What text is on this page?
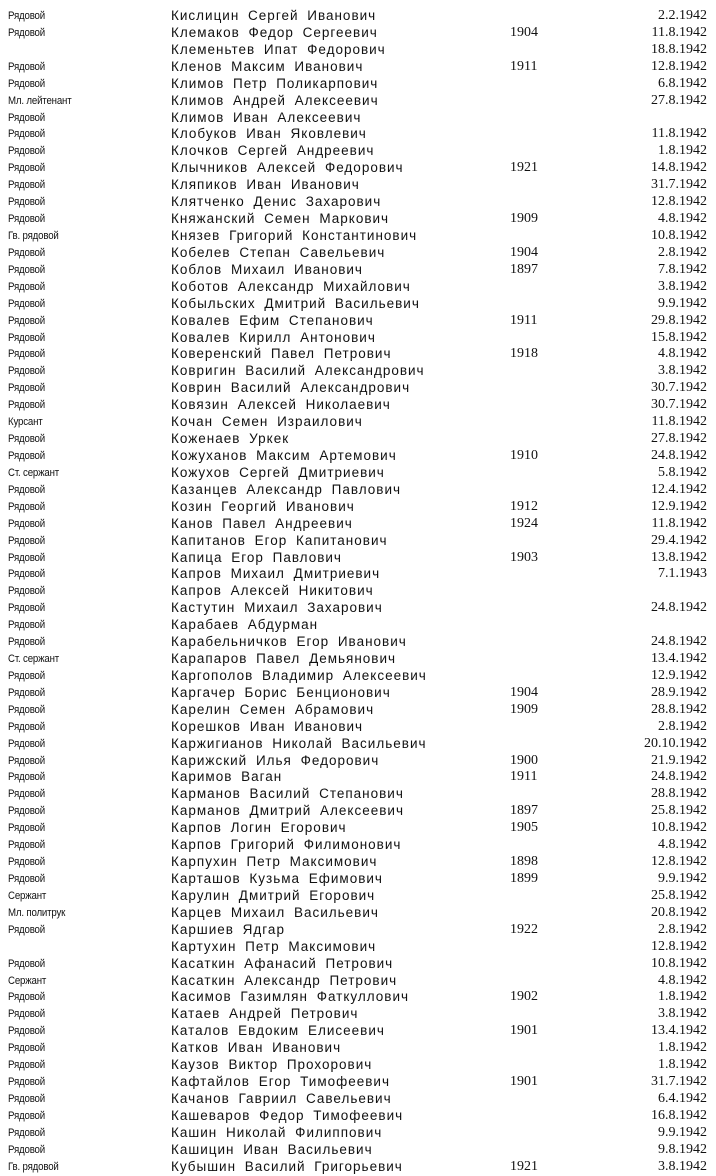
Рядовой	Кислицин Сергей Иванович	2.2.1942
Рядовой	Клемаков Федор Сергеевич	1904	11.8.1942
Клеменьтев Ипат Федорович	18.8.1942
Рядовой	Кленов Максим Иванович	1911	12.8.1942
Рядовой	Климов Петр Поликарпович	6.8.1942
Мл. лейтенант	Климов Андрей Алексеевич	27.8.1942
Рядовой	Климов Иван Алексеевич
Рядовой	Клобуков Иван Яковлевич	11.8.1942
Рядовой	Клочков Сергей Андреевич	1.8.1942
Рядовой	Клычников Алексей Федорович	1921	14.8.1942
Рядовой	Кляпиков Иван Иванович	31.7.1942
Рядовой	Клятченко Денис Захарович	12.8.1942
Рядовой	Княжанский Семен Маркович	1909	4.8.1942
Гв. рядовой	Князев Григорий Константинович	10.8.1942
Рядовой	Кобелев Степан Савельевич	1904	2.8.1942
Рядовой	Коблов Михаил Иванович	1897	7.8.1942
Рядовой	Коботов Александр Михайлович	3.8.1942
Рядовой	Кобыльских Дмитрий Васильевич	9.9.1942
Рядовой	Ковалев Ефим Степанович	1911	29.8.1942
Рядовой	Ковалев Кирилл Антонович	15.8.1942
Рядовой	Коверенский Павел Петрович	1918	4.8.1942
Рядовой	Ковригин Василий Александрович	3.8.1942
Рядовой	Коврин Василий Александрович	30.7.1942
Рядовой	Ковязин Алексей Николаевич	30.7.1942
Курсант	Кочан Семен Израилович	11.8.1942
Рядовой	Коженаев Уркек	27.8.1942
Рядовой	Кожуханов Максим Артемович	1910	24.8.1942
Ст. сержант	Кожухов Сергей Дмитриевич	5.8.1942
Рядовой	Казанцев Александр Павлович	12.4.1942
Рядовой	Козин Георгий Иванович	1912	12.9.1942
Рядовой	Канов Павел Андреевич	1924	11.8.1942
Рядовой	Капитанов Егор Капитанович	29.4.1942
Рядовой	Капица Егор Павлович	1903	13.8.1942
Рядовой	Капров Михаил Дмитриевич	7.1.1943
Рядовой	Капров Алексей Никитович
Рядовой	Кастутин Михаил Захарович	24.8.1942
Рядовой	Карабаев Абдурман
Рядовой	Карабельничков Егор Иванович	24.8.1942
Ст. сержант	Карапаров Павел Демьянович	13.4.1942
Рядовой	Каргополов Владимир Алексеевич	12.9.1942
Рядовой	Каргачер Борис Бенционович	1904	28.9.1942
Рядовой	Карелин Семен Абрамович	1909	28.8.1942
Рядовой	Корешков Иван Иванович	2.8.1942
Рядовой	Каржигианов Николай Васильевич	20.10.1942
Рядовой	Карижский Илья Федорович	1900	21.9.1942
Рядовой	Каримов Ваган	1911	24.8.1942
Рядовой	Карманов Василий Степанович	28.8.1942
Рядовой	Карманов Дмитрий Алексеевич	1897	25.8.1942
Рядовой	Карпов Логин Егорович	1905	10.8.1942
Рядовой	Карпов Григорий Филимонович	4.8.1942
Рядовой	Карпухин Петр Максимович	1898	12.8.1942
Рядовой	Карташов Кузьма Ефимович	1899	9.9.1942
Сержант	Карулин Дмитрий Егорович	25.8.1942
Мл. политрук	Карцев Михаил Васильевич	20.8.1942
Рядовой	Каршиев Ядгар	1922	2.8.1942
Картухин Петр Максимович	12.8.1942
Рядовой	Касаткин Афанасий Петрович	10.8.1942
Сержант	Касаткин Александр Петрович	4.8.1942
Рядовой	Касимов Газимлян Фаткуллович	1902	1.8.1942
Рядовой	Катаев Андрей Петрович	3.8.1942
Рядовой	Каталов Евдоким Елисеевич	1901	13.4.1942
Рядовой	Катков Иван Иванович	1.8.1942
Рядовой	Каузов Виктор Прохорович	1.8.1942
Рядовой	Кафтайлов Егор Тимофеевич	1901	31.7.1942
Рядовой	Качанов Гавриил Савельевич	6.4.1942
Рядовой	Кашеваров Федор Тимофеевич	16.8.1942
Рядовой	Кашин Николай Филиппович	9.9.1942
Рядовой	Кашицин Иван Васильевич	9.8.1942
Гв. рядовой	Кубышин Василий Григорьевич	1921	3.8.1942
